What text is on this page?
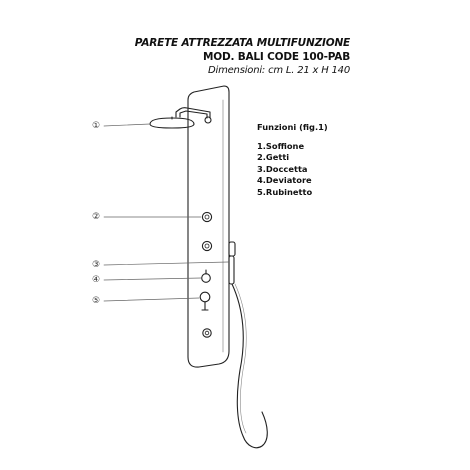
PARETE ATTREZZATA MULTIFUNZIONE
MOD. BALI CODE 100-PAB
Dimensioni: cm L. 21 x H 140
Funzioni (fig.1)
1.Soffione
2.Getti
3.Doccetta
4.Deviatore
5.Rubinetto
①
②
③
④
⑤
